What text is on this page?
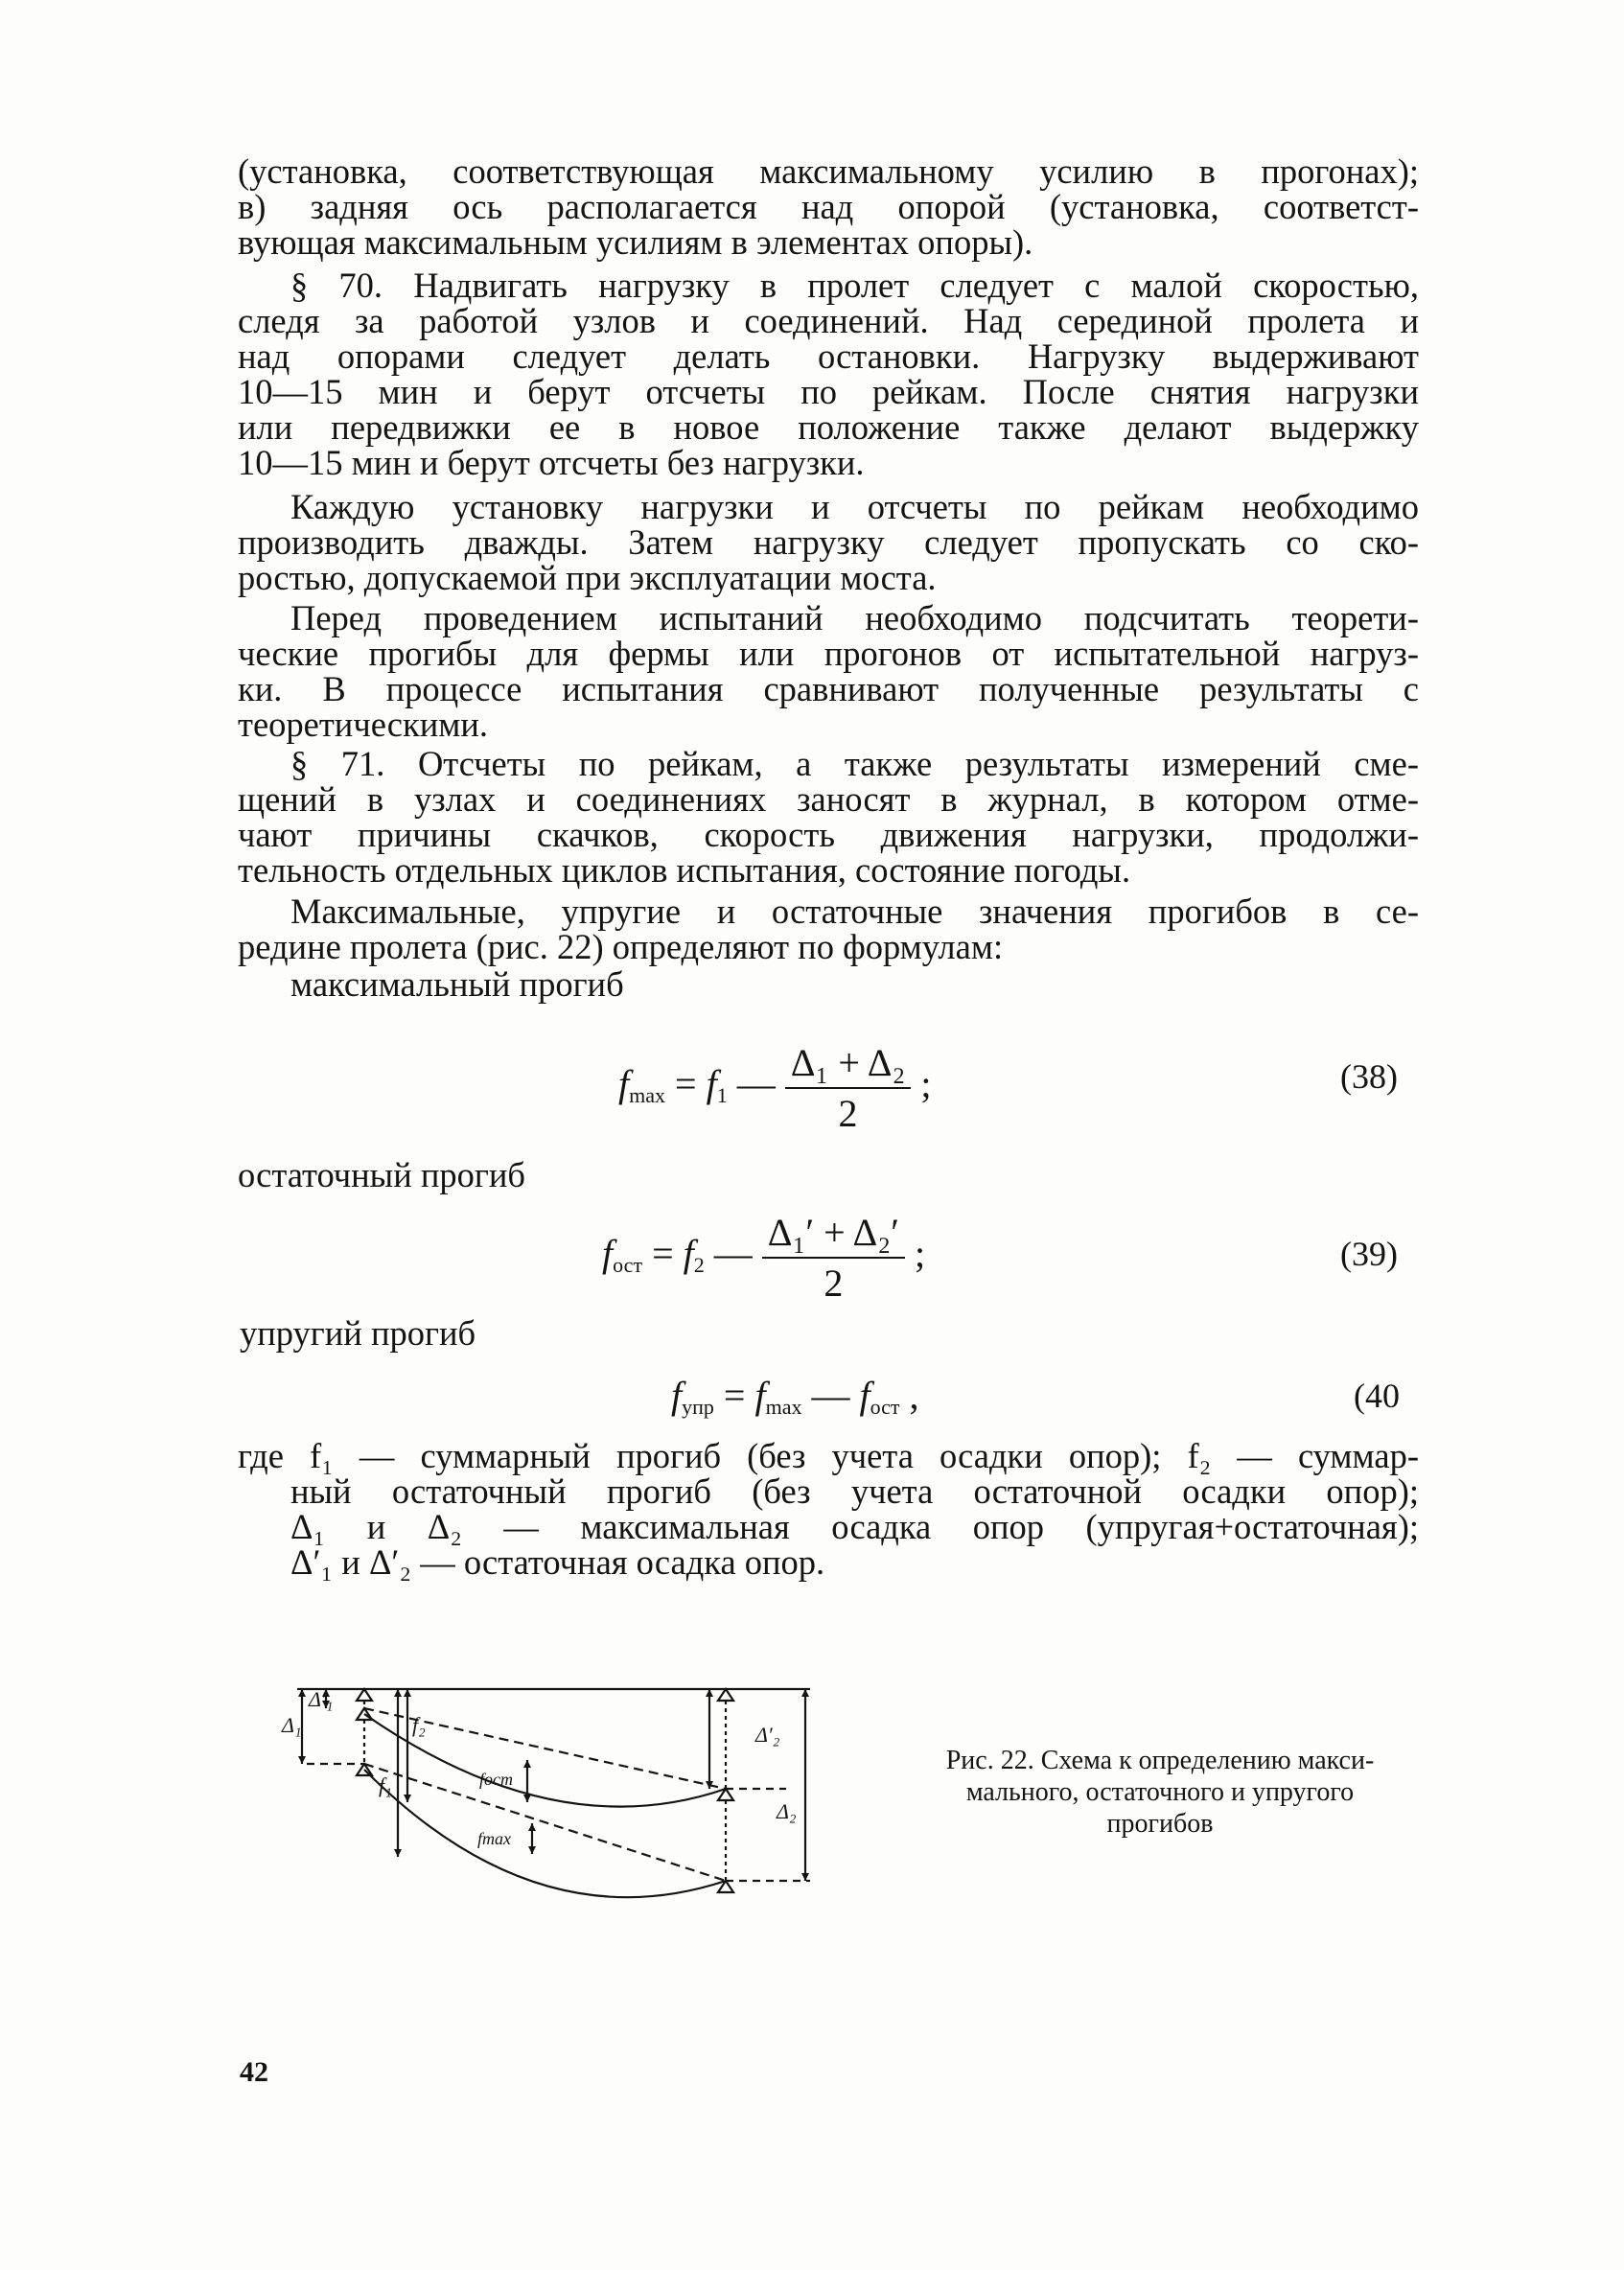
(установка, соответствующая максимальному усилию в прогонах);
в) задняя ось располагается над опорой (установка, соответст-
вующая максимальным усилиям в элементах опоры).
§ 70. Надвигать нагрузку в пролет следует с малой скоростью,
следя за работой узлов и соединений. Над серединой пролета и
над опорами следует делать остановки. Нагрузку выдерживают
10—15 мин и берут отсчеты по рейкам. После снятия нагрузки
или передвижки ее в новое положение также делают выдержку
10—15 мин и берут отсчеты без нагрузки.
Каждую установку нагрузки и отсчеты по рейкам необходимо
производить дважды. Затем нагрузку следует пропускать со ско-
ростью, допускаемой при эксплуатации моста.
Перед проведением испытаний необходимо подсчитать теорети-
ческие прогибы для фермы или прогонов от испытательной нагруз-
ки. В процессе испытания сравнивают полученные результаты с
теоретическими.
§ 71. Отсчеты по рейкам, а также результаты измерений сме-
щений в узлах и соединениях заносят в журнал, в котором отме-
чают причины скачков, скорость движения нагрузки, продолжи-
тельность отдельных циклов испытания, состояние погоды.
Максимальные, упругие и остаточные значения прогибов в се-
редине пролета (рис. 22) определяют по формулам:
максимальный прогиб
$f_{max} = f_1$ — $\frac{\text{Δ₁ + Δ₂}}{2}$ ;	(38)
остаточный прогиб
$f_{ост} = f_2$ — $\frac{\text{Δ₁′ + Δ₂′}}{2}$ ;	(39)
упругий прогиб
$f_{упр} = f_{max}$ — $f_{ост}$ ,	(40
где f₁ — суммарный прогиб (без учета осадки опор); f₂ — суммар-
ный остаточный прогиб (без учета остаточной осадки опор);
Δ₁ и Δ₂ — максимальная осадка опор (упругая+остаточная);
Δ′₁ и Δ′₂ — остаточная осадка опор.
Δ′₁
Δ₁	f₂
f₁	fост
fmax
Δ′₂
Δ₂
Рис. 22. Схема к определению макси-
мального, остаточного и упругого
прогибов
42
